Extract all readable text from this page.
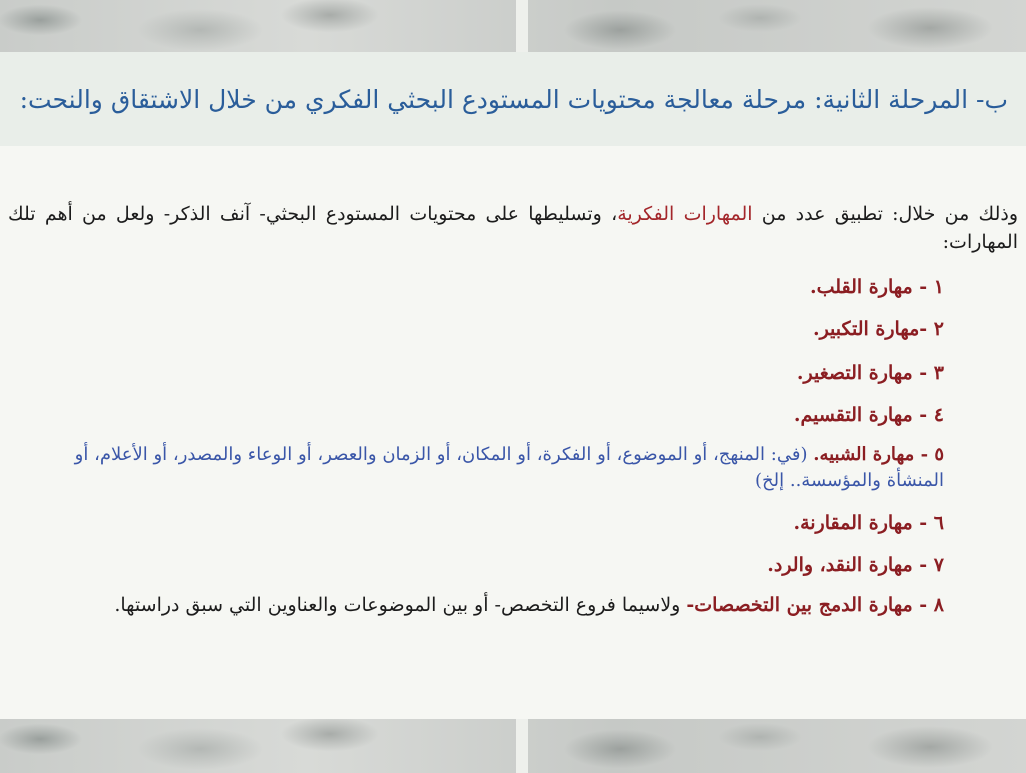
ب- المرحلة الثانية: مرحلة معالجة محتويات المستودع البحثي الفكري من خلال الاشتقاق والنحت:

وذلك من خلال: تطبيق عدد من المهارات الفكرية، وتسليطها على محتويات المستودع البحثي- آنف الذكر- ولعل من أهم تلك المهارات:

١ - مهارة القلب.
٢ -مهارة التكبير.
٣ - مهارة التصغير.
٤ - مهارة التقسيم.
٥ - مهارة الشبيه. (في: المنهج، أو الموضوع، أو الفكرة، أو المكان، أو الزمان والعصر، أو الوعاء والمصدر، أو الأعلام، أو المنشأة والمؤسسة.. إلخ)
٦ - مهارة المقارنة.
٧ - مهارة النقد، والرد.
٨ - مهارة الدمج بين التخصصات- ولاسيما فروع التخصص- أو بين الموضوعات والعناوين التي سبق دراستها.
